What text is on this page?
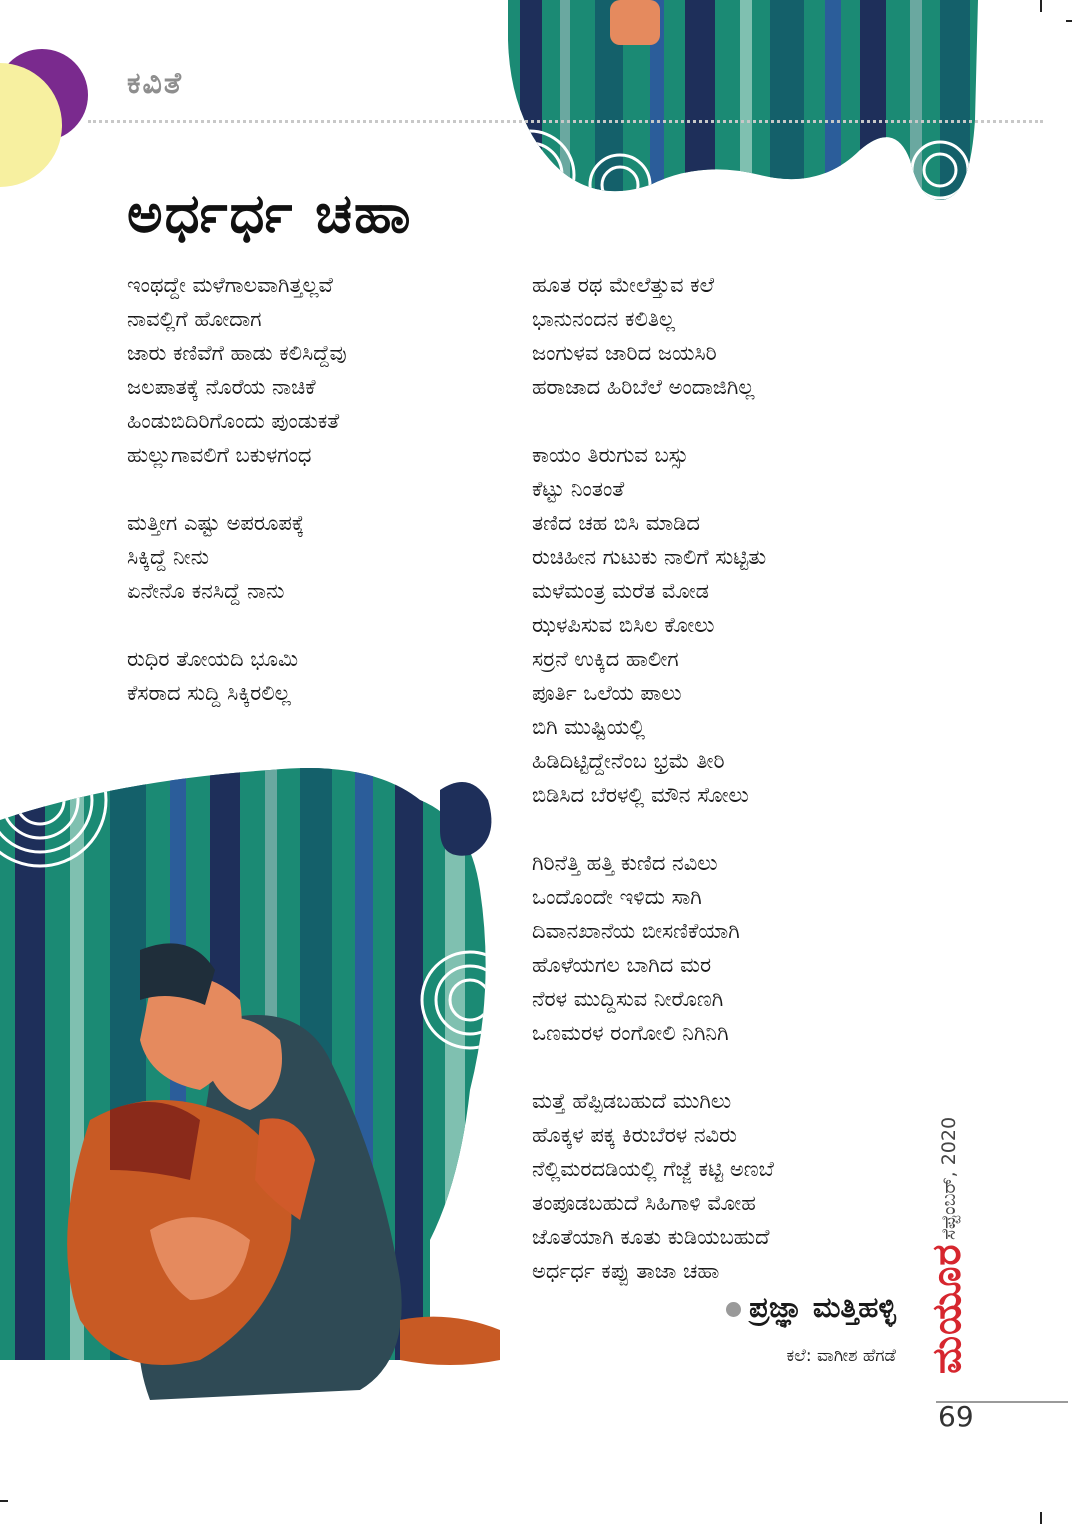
ಕವಿತೆ
ಅರ್ಧರ್ಧ ಚಹಾ
ಇಂಥದ್ದೇ ಮಳೆಗಾಲವಾಗಿತ್ತಲ್ಲವೆ
ನಾವಲ್ಲಿಗೆ ಹೋದಾಗ
ಜಾರು ಕಣಿವೆಗೆ ಹಾಡು ಕಲಿಸಿದ್ದೆವು
ಜಲಪಾತಕ್ಕೆ ನೊರೆಯ ನಾಚಿಕೆ
ಹಿಂಡುಬಿದಿರಿಗೊಂದು ಪುಂಡುಕತೆ
ಹುಲ್ಲುಗಾವಲಿಗೆ ಬಕುಳಗಂಧ
ಮತ್ತೀಗ ಎಷ್ಟು ಅಪರೂಪಕ್ಕೆ
ಸಿಕ್ಕಿದ್ದೆ ನೀನು
ಏನೇನೊ ಕನಸಿದ್ದೆ ನಾನು
ರುಧಿರ ತೋಯದಿ ಭೂಮಿ
ಕೆಸರಾದ ಸುದ್ದಿ ಸಿಕ್ಕಿರಲಿಲ್ಲ
ಹೂತ ರಥ ಮೇಲೆತ್ತುವ ಕಲೆ
ಭಾನುನಂದನ ಕಲಿತಿಲ್ಲ
ಜಂಗುಳವ ಜಾರಿದ ಜಯಸಿರಿ
ಹರಾಜಾದ ಹಿರಿಬೆಲೆ ಅಂದಾಜಿಗಿಲ್ಲ
ಕಾಯಂ ತಿರುಗುವ ಬಸ್ಸು
ಕೆಟ್ಟು ನಿಂತಂತೆ
ತಣಿದ ಚಹ ಬಿಸಿ ಮಾಡಿದ
ರುಚಿಹೀನ ಗುಟುಕು ನಾಲಿಗೆ ಸುಟ್ಟಿತು
ಮಳೆಮಂತ್ರ ಮರೆತ ಮೋಡ
ಝಳಪಿಸುವ ಬಿಸಿಲ ಕೋಲು
ಸರ್ರನೆ ಉಕ್ಕಿದ ಹಾಲೀಗ
ಪೂರ್ತಿ ಒಲೆಯ ಪಾಲು
ಬಿಗಿ ಮುಷ್ಟಿಯಲ್ಲಿ
ಹಿಡಿದಿಟ್ಟಿದ್ದೇನೆಂಬ ಭ್ರಮೆ ತೀರಿ
ಬಿಡಿಸಿದ ಬೆರಳಲ್ಲಿ ಮೌನ ಸೋಲು
ಗಿರಿನೆತ್ತಿ ಹತ್ತಿ ಕುಣಿದ ನವಿಲು
ಒಂದೊಂದೇ ಇಳಿದು ಸಾಗಿ
ದಿವಾನಖಾನೆಯ ಬೀಸಣಿಕೆಯಾಗಿ
ಹೊಳೆಯಗಲ ಬಾಗಿದ ಮರ
ನೆರಳ ಮುದ್ದಿಸುವ ನೀರೊಣಗಿ
ಒಣಮರಳ ರಂಗೋಲಿ ನಿಗಿನಿಗಿ
ಮತ್ತೆ ಹೆಪ್ಪಿಡಬಹುದೆ ಮುಗಿಲು
ಹೊಕ್ಕಳ ಪಕ್ಕ ಕಿರುಬೆರಳ ನವಿರು
ನೆಲ್ಲಿಮರದಡಿಯಲ್ಲಿ ಗೆಜ್ಜೆ ಕಟ್ಟಿ ಅಣಬೆ
ತಂಪೂಡಬಹುದೆ ಸಿಹಿಗಾಳಿ ಮೋಹ
ಜೊತೆಯಾಗಿ ಕೂತು ಕುಡಿಯಬಹುದೆ
ಅರ್ಧರ್ಧ ಕಪ್ಪು ತಾಜಾ ಚಹಾ
ಪ್ರಜ್ಞಾ ಮತ್ತಿಹಳ್ಳಿ
ಕಲೆ: ವಾಗೀಶ ಹೆಗಡೆ
ಸೆಪ್ಟೆಂಬರ್, 2020
ಮಯೂರ
69
